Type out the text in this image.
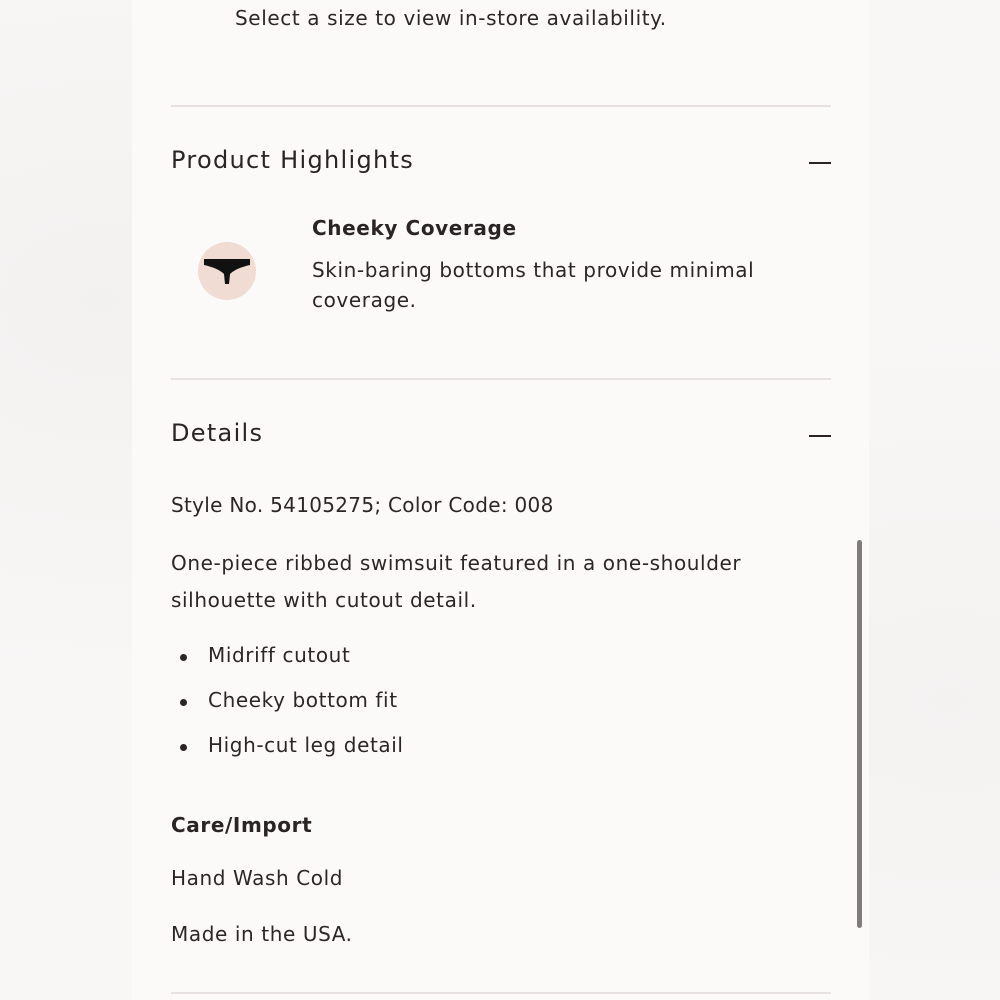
Select a size to view in-store availability.
Product Highlights
Cheeky Coverage
Skin-baring bottoms that provide minimal coverage.
Details
Style No. 54105275; Color Code: 008
One-piece ribbed swimsuit featured in a one-shoulder silhouette with cutout detail.
Midriff cutout
Cheeky bottom fit
High-cut leg detail
Care/Import
Hand Wash Cold
Made in the USA.
